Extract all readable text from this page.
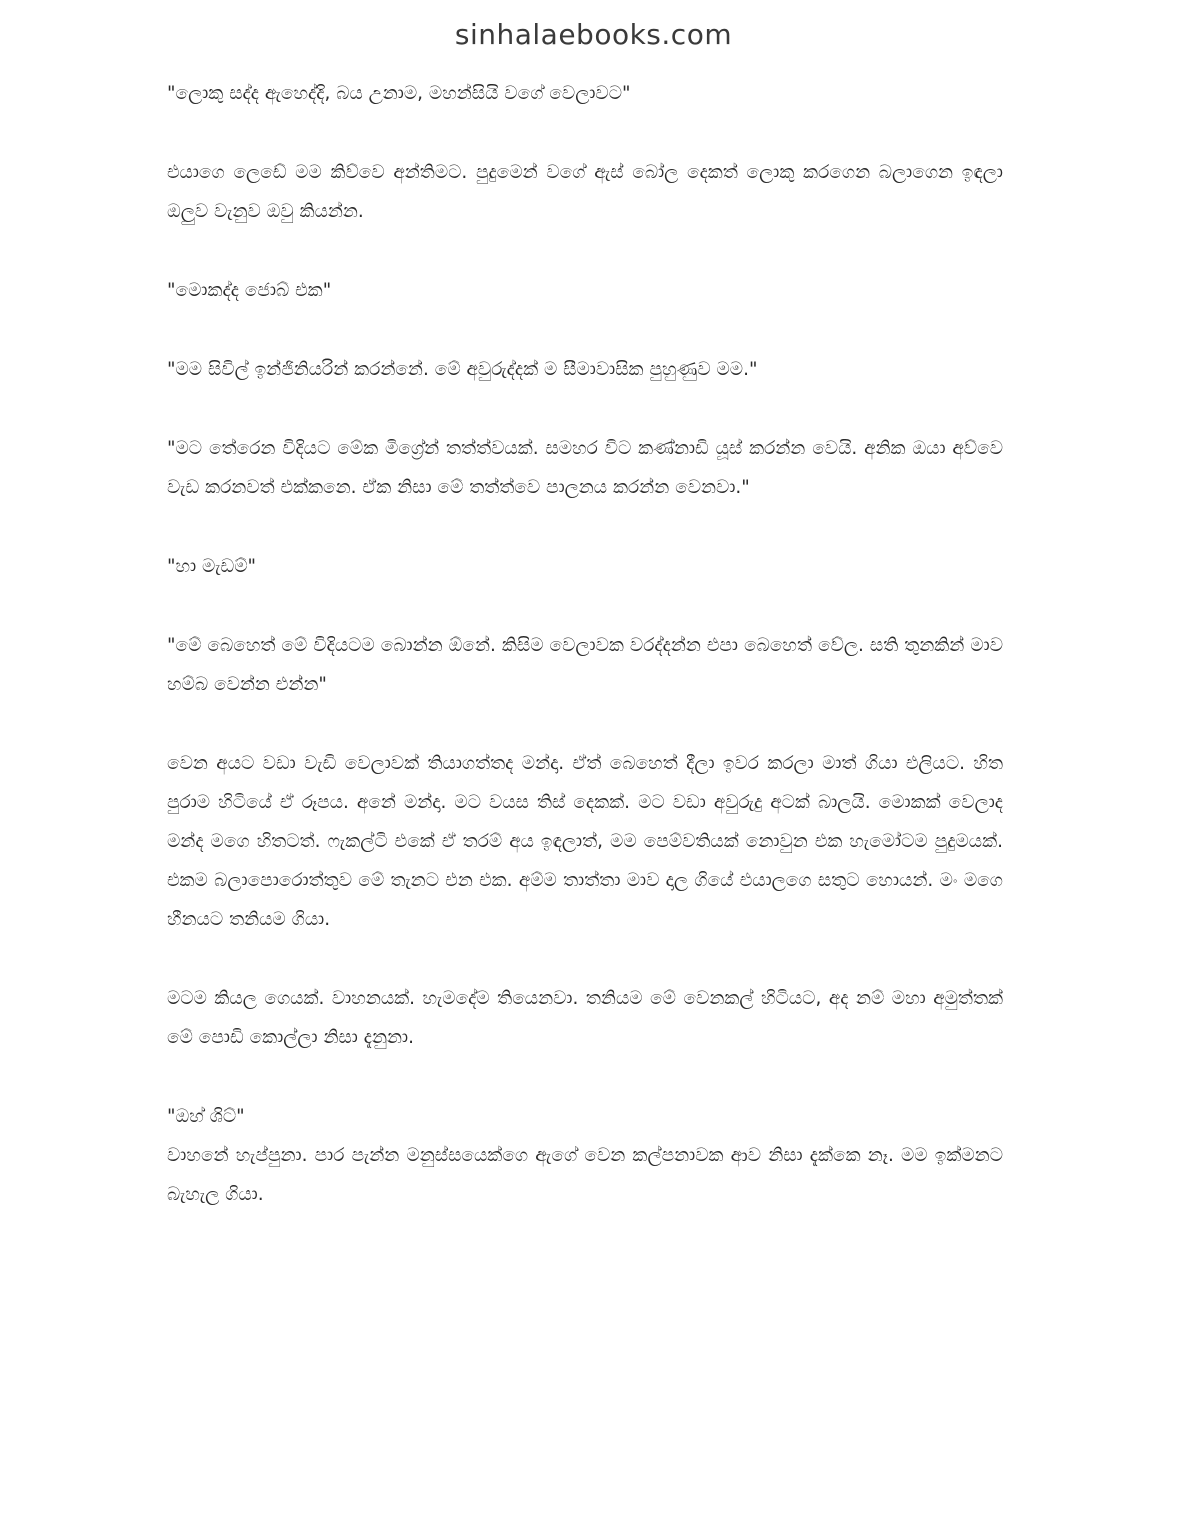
sinhalaebooks.com

"ලොකු සද්ද ඇහෙද්දි, බය උනාම, මහන්සියි වගේ වෙලාවට"

එයාගෙ ලෙඩේ මම කිව්වෙ අන්තිමට. පුදුමෙන් වගේ ඇස් බෝල දෙකත් ලොකු කරගෙන බලාගෙන ඉඳලා ඔලුව වැනුව ඔවු කියන්න.

"මොකද්ද ජොබ් එක"

"මම සිවිල් ඉන්ජිනියරින් කරන්නේ. මේ අවුරුද්දක් ම සීමාවාසික පුහුණුව මම."

"මට තේරෙන විදියට මේක මිග්‍රේන් තත්ත්වයක්. සමහර විට කණ්නාඩි යූස් කරන්න වෙයි. අනික ඔයා අව්වෙ වැඩ කරනවත් එක්කනෙ. ඒක නිසා මේ තත්ත්වෙ පාලනය කරන්න වෙනවා."

"හා මැඩම්"

"මේ බෙහෙත් මේ විදියටම බොන්න ඕනේ. කිසිම වෙලාවක වරද්දන්න එපා බෙහෙත් වේල. සති තුනකින් මාව හම්බ වෙන්න එන්න"

වෙන අයට වඩා වැඩි වෙලාවක් තියාගත්තද මන්දා. ඒත් බෙහෙත් දීලා ඉවර කරලා මාත් ගියා එලියට. හිත පුරාම හිටියේ ඒ රූපය. අනේ මන්දා. මට වයස තිස් දෙකක්. මට වඩා අවුරුදු අටක් බාලයි. මොකක් වෙලාද මන්ද මගෙ හිතටත්. ෆැකල්ටි එකේ ඒ තරම් අය ඉඳලාත්, මම පෙම්වතියක් නොවුන එක හැමෝටම පුදුමයක්. එකම බලාපොරොත්තුව මේ තැනට එන එක. අම්ම තාත්තා මාව දාල ගියේ එයාලගෙ සතුට හොයන්. මං මගෙ හීනයට තනියම ගියා.

මටම කියල ගෙයක්. වාහනයක්. හැමදේම තියෙනවා. තනියම මේ වෙනකල් හිටියට, අද නම් මහා අමුත්තක් මේ පොඩි කොල්ලා නිසා දැනුනා.

"ඔහ් ශිට්"

වාහනේ හැප්පුනා. පාර පැන්න මනුස්සයෙක්ගෙ ඇගේ වෙන කල්පනාවක ආව නිසා දැක්කෙ නෑ. මම ඉක්මනට බැහැල ගියා.
